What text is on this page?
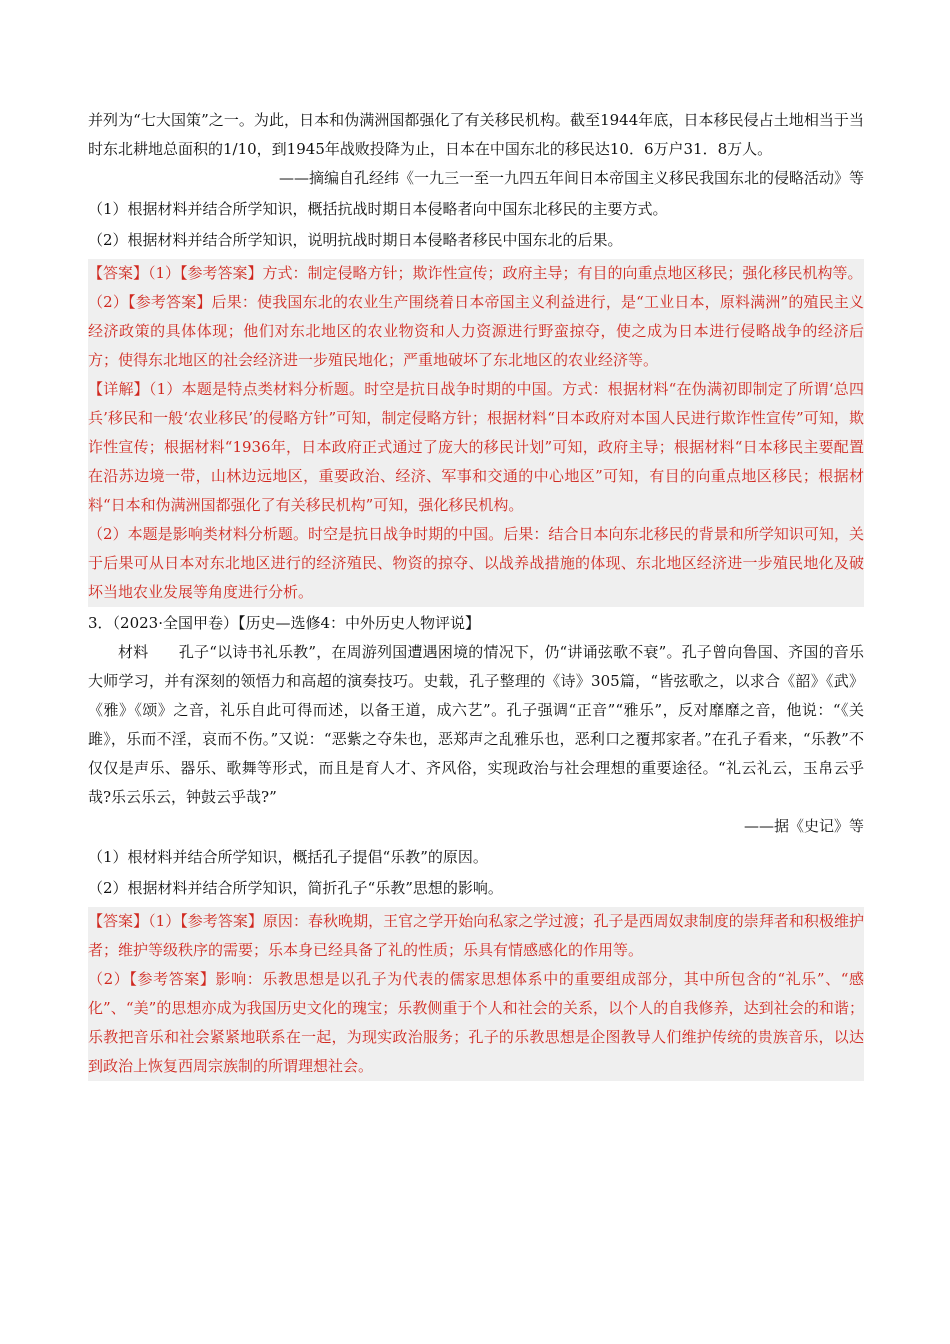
并列为“七大国策”之一。为此，日本和伪满洲国都强化了有关移民机构。截至1944年底，日本移民侵占土地相当于当时东北耕地总面积的1/10，到1945年战败投降为止，日本在中国东北的移民达10．6万户31．8万人。

——摘编自孔经纬《一九三一至一九四五年间日本帝国主义移民我国东北的侵略活动》等

（1）根据材料并结合所学知识，概括抗战时期日本侵略者向中国东北移民的主要方式。

（2）根据材料并结合所学知识，说明抗战时期日本侵略者移民中国东北的后果。

【答案】（1）【参考答案】方式：制定侵略方针；欺诈性宣传；政府主导；有目的向重点地区移民；强化移民机构等。

（2）【参考答案】后果：使我国东北的农业生产围绕着日本帝国主义利益进行，是“工业日本，原料满洲”的殖民主义经济政策的具体体现；他们对东北地区的农业物资和人力资源进行野蛮掠夺，使之成为日本进行侵略战争的经济后方；使得东北地区的社会经济进一步殖民地化；严重地破坏了东北地区的农业经济等。

【详解】（1）本题是特点类材料分析题。时空是抗日战争时期的中国。方式：根据材料“在伪满初即制定了所谓‘总四兵’移民和一般‘农业移民’的侵略方针”可知，制定侵略方针；根据材料“日本政府对本国人民进行欺诈性宣传”可知，欺诈性宣传；根据材料“1936年，日本政府正式通过了庞大的移民计划”可知，政府主导；根据材料“日本移民主要配置在沿苏边境一带，山林边远地区，重要政治、经济、军事和交通的中心地区”可知，有目的向重点地区移民；根据材料“日本和伪满洲国都强化了有关移民机构”可知，强化移民机构。

（2）本题是影响类材料分析题。时空是抗日战争时期的中国。后果：结合日本向东北移民的背景和所学知识可知，关于后果可从日本对东北地区进行的经济殖民、物资的掠夺、以战养战措施的体现、东北地区经济进一步殖民地化及破坏当地农业发展等角度进行分析。

3．（2023·全国甲卷）【历史—选修4：中外历史人物评说】

材料　　孔子“以诗书礼乐教”，在周游列国遭遇困境的情况下，仍“讲诵弦歌不衰”。孔子曾向鲁国、齐国的音乐大师学习，并有深刻的领悟力和高超的演奏技巧。史载，孔子整理的《诗》305篇，“皆弦歌之，以求合《韶》《武》《雅》《颂》之音，礼乐自此可得而述，以备王道，成六艺”。孔子强调“正音”“雅乐”，反对靡靡之音，他说：“《关雎》，乐而不淫，哀而不伤。”又说：“恶紫之夺朱也，恶郑声之乱雅乐也，恶利口之覆邦家者。”在孔子看来，“乐教”不仅仅是声乐、器乐、歌舞等形式，而且是育人才、齐风俗，实现政治与社会理想的重要途径。“礼云礼云，玉帛云乎哉?乐云乐云，钟鼓云乎哉?”

——据《史记》等

（1）根材料并结合所学知识，概括孔子提倡“乐教”的原因。

（2）根据材料并结合所学知识，简折孔子“乐教”思想的影响。

【答案】（1）【参考答案】原因：春秋晚期，王官之学开始向私家之学过渡；孔子是西周奴隶制度的崇拜者和积极维护者；维护等级秩序的需要；乐本身已经具备了礼的性质；乐具有情感感化的作用等。

（2）【参考答案】影响：乐教思想是以孔子为代表的儒家思想体系中的重要组成部分，其中所包含的“礼乐”、“感化”、“美”的思想亦成为我国历史文化的瑰宝；乐教侧重于个人和社会的关系，以个人的自我修养，达到社会的和谐；乐教把音乐和社会紧紧地联系在一起，为现实政治服务；孔子的乐教思想是企图教导人们维护传统的贵族音乐，以达到政治上恢复西周宗族制的所谓理想社会。
